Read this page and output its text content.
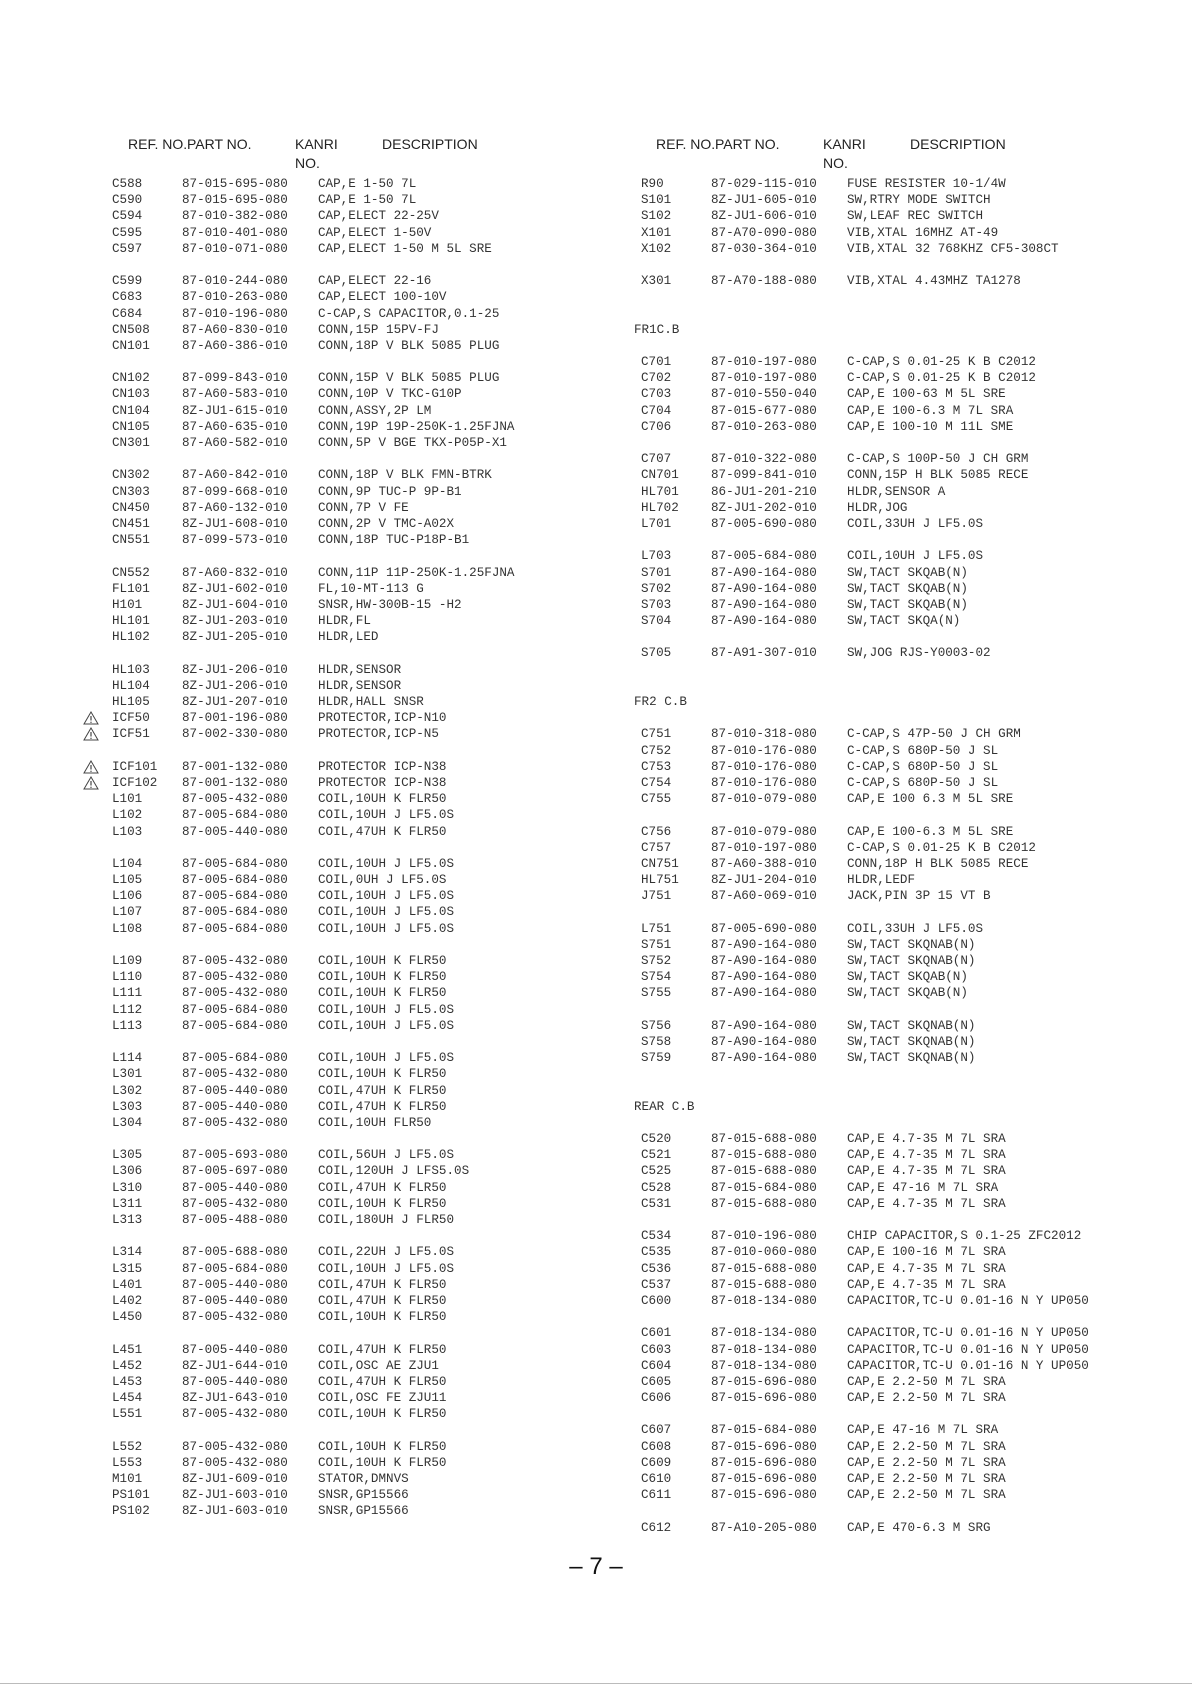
REF. NO. PART NO.	KANRI
NO.
DESCRIPTION
C588	87-015-695-080 CAP,E 1-50 7L
C590	87-015-695-080 CAP,E 1-50 7L
C594	87-010-382-080 CAP,ELECT 22-25V
C595	87-010-401-080 CAP,ELECT 1-50V
C597	87-010-071-080 CAP,ELECT 1-50 M 5L SRE
C599	87-010-244-080 CAP,ELECT 22-16
C683	87-010-263-080 CAP,ELECT 100-10V
C684	87-010-196-080 C-CAP,S CAPACITOR,0.1-25
CN508	87-A60-830-010 CONN,15P 15PV-FJ
CN101	87-A60-386-010 CONN,18P V BLK 5085 PLUG
CN102	87-099-843-010 CONN,15P V BLK 5085 PLUG
CN103	87-A60-583-010 CONN,10P V TKC-G10P
CN104	8Z-JU1-615-010 CONN,ASSY,2P LM
CN105	87-A60-635-010 CONN,19P 19P-250K-1.25FJNA
CN301	87-A60-582-010 CONN,5P V BGE TKX-P05P-X1
CN302	87-A60-842-010 CONN,18P V BLK FMN-BTRK
CN303	87-099-668-010 CONN,9P TUC-P 9P-B1
CN450	87-A60-132-010 CONN,7P V FE
CN451	8Z-JU1-608-010 CONN,2P V TMC-A02X
CN551	87-099-573-010 CONN,18P TUC-P18P-B1
CN552	87-A60-832-010 CONN,11P 11P-250K-1.25FJNA
FL101	8Z-JU1-602-010 FL,10-MT-113 G
H101	8Z-JU1-604-010 SNSR,HW-300B-15 -H2
HL101	8Z-JU1-203-010 HLDR,FL
HL102	8Z-JU1-205-010 HLDR,LED
HL103	8Z-JU1-206-010 HLDR,SENSOR
HL104	8Z-JU1-206-010 HLDR,SENSOR
HL105	8Z-JU1-207-010 HLDR,HALL SNSR
ICF50	87-001-196-080 PROTECTOR,ICP-N10
ICF51	87-002-330-080 PROTECTOR,ICP-N5
ICF101 87-001-132-080 PROTECTOR ICP-N38
ICF102 87-001-132-080 PROTECTOR ICP-N38
L101	87-005-432-080 COIL,10UH K FLR50
L102	87-005-684-080 COIL,10UH J LF5.0S
L103	87-005-440-080 COIL,47UH K FLR50
L104	87-005-684-080 COIL,10UH J LF5.0S
L105	87-005-684-080 COIL,0UH J LF5.0S
L106	87-005-684-080 COIL,10UH J LF5.0S
L107	87-005-684-080 COIL,10UH J LF5.0S
L108	87-005-684-080 COIL,10UH J LF5.0S
L109	87-005-432-080 COIL,10UH K FLR50
L110	87-005-432-080 COIL,10UH K FLR50
L111	87-005-432-080 COIL,10UH K FLR50
L112	87-005-684-080 COIL,10UH J FL5.0S
L113	87-005-684-080 COIL,10UH J LF5.0S
L114	87-005-684-080 COIL,10UH J LF5.0S
L301	87-005-432-080 COIL,10UH K FLR50
L302	87-005-440-080 COIL,47UH K FLR50
L303	87-005-440-080 COIL,47UH K FLR50
L304	87-005-432-080 COIL,10UH FLR50
L305	87-005-693-080 COIL,56UH J LF5.0S
L306	87-005-697-080 COIL,120UH J LFS5.0S
L310	87-005-440-080 COIL,47UH K FLR50
L311	87-005-432-080 COIL,10UH K FLR50
L313	87-005-488-080 COIL,180UH J FLR50
L314	87-005-688-080 COIL,22UH J LF5.0S
L315	87-005-684-080 COIL,10UH J LF5.0S
L401	87-005-440-080 COIL,47UH K FLR50
L402	87-005-440-080 COIL,47UH K FLR50
L450	87-005-432-080 COIL,10UH K FLR50
L451	87-005-440-080 COIL,47UH K FLR50
L452	8Z-JU1-644-010 COIL,OSC AE ZJU1
L453	87-005-440-080 COIL,47UH K FLR50
L454	8Z-JU1-643-010 COIL,OSC FE ZJU11
L551	87-005-432-080 COIL,10UH K FLR50
L552	87-005-432-080 COIL,10UH K FLR50
L553	87-005-432-080 COIL,10UH K FLR50
M101	8Z-JU1-609-010 STATOR,DMNVS
PS101	8Z-JU1-603-010 SNSR,GP15566
PS102	8Z-JU1-603-010 SNSR,GP15566
REF. NO. PART NO.	KANRI
NO.
DESCRIPTION
R90	87-029-115-010 FUSE RESISTER 10-1/4W
S101	8Z-JU1-605-010 SW,RTRY MODE SWITCH
S102	8Z-JU1-606-010 SW,LEAF REC SWITCH
X101	87-A70-090-080 VIB,XTAL 16MHZ AT-49
X102	87-030-364-010 VIB,XTAL 32 768KHZ CF5-308CT
X301	87-A70-188-080 VIB,XTAL 4.43MHZ TA1278
FR1C.B
C701	87-010-197-080 C-CAP,S 0.01-25 K B C2012
C702	87-010-197-080 C-CAP,S 0.01-25 K B C2012
C703	87-010-550-040 CAP,E 100-63 M 5L SRE
C704	87-015-677-080 CAP,E 100-6.3 M 7L SRA
C706	87-010-263-080 CAP,E 100-10 M 11L SME
C707	87-010-322-080 C-CAP,S 100P-50 J CH GRM
CN701	87-099-841-010 CONN,15P H BLK 5085 RECE
HL701	86-JU1-201-210 HLDR,SENSOR A
HL702	8Z-JU1-202-010 HLDR,JOG
L701	87-005-690-080 COIL,33UH J LF5.0S
L703	87-005-684-080 COIL,10UH J LF5.0S
S701	87-A90-164-080 SW,TACT SKQAB(N)
S702	87-A90-164-080 SW,TACT SKQAB(N)
S703	87-A90-164-080 SW,TACT SKQAB(N)
S704	87-A90-164-080 SW,TACT SKQA(N)
S705	87-A91-307-010 SW,JOG RJS-Y0003-02
FR2 C.B
C751	87-010-318-080 C-CAP,S 47P-50 J CH GRM
C752	87-010-176-080 C-CAP,S 680P-50 J SL
C753	87-010-176-080 C-CAP,S 680P-50 J SL
C754	87-010-176-080 C-CAP,S 680P-50 J SL
C755	87-010-079-080 CAP,E 100 6.3 M 5L SRE
C756	87-010-079-080 CAP,E 100-6.3 M 5L SRE
C757	87-010-197-080 C-CAP,S 0.01-25 K B C2012
CN751	87-A60-388-010 CONN,18P H BLK 5085 RECE
HL751	8Z-JU1-204-010 HLDR,LEDF
J751	87-A60-069-010 JACK,PIN 3P 15 VT B
L751	87-005-690-080 COIL,33UH J LF5.0S
S751	87-A90-164-080 SW,TACT SKQNAB(N)
S752	87-A90-164-080 SW,TACT SKQNAB(N)
S754	87-A90-164-080 SW,TACT SKQAB(N)
S755	87-A90-164-080 SW,TACT SKQAB(N)
S756	87-A90-164-080 SW,TACT SKQNAB(N)
S758	87-A90-164-080 SW,TACT SKQNAB(N)
S759	87-A90-164-080 SW,TACT SKQNAB(N)
REAR C.B
C520	87-015-688-080 CAP,E 4.7-35 M 7L SRA
C521	87-015-688-080 CAP,E 4.7-35 M 7L SRA
C525	87-015-688-080 CAP,E 4.7-35 M 7L SRA
C528	87-015-684-080 CAP,E 47-16 M 7L SRA
C531	87-015-688-080 CAP,E 4.7-35 M 7L SRA
C534	87-010-196-080 CHIP CAPACITOR,S 0.1-25 ZFC2012
C535	87-010-060-080 CAP,E 100-16 M 7L SRA
C536	87-015-688-080 CAP,E 4.7-35 M 7L SRA
C537	87-015-688-080 CAP,E 4.7-35 M 7L SRA
C600	87-018-134-080 CAPACITOR,TC-U 0.01-16 N Y UP050
C601	87-018-134-080 CAPACITOR,TC-U 0.01-16 N Y UP050
C603	87-018-134-080 CAPACITOR,TC-U 0.01-16 N Y UP050
C604	87-018-134-080 CAPACITOR,TC-U 0.01-16 N Y UP050
C605	87-015-696-080 CAP,E 2.2-50 M 7L SRA
C606	87-015-696-080 CAP,E 2.2-50 M 7L SRA
C607	87-015-684-080 CAP,E 47-16 M 7L SRA
C608	87-015-696-080 CAP,E 2.2-50 M 7L SRA
C609	87-015-696-080 CAP,E 2.2-50 M 7L SRA
C610	87-015-696-080 CAP,E 2.2-50 M 7L SRA
C611	87-015-696-080 CAP,E 2.2-50 M 7L SRA
C612	87-A10-205-080 CAP,E 470-6.3 M SRG
– 7 –
